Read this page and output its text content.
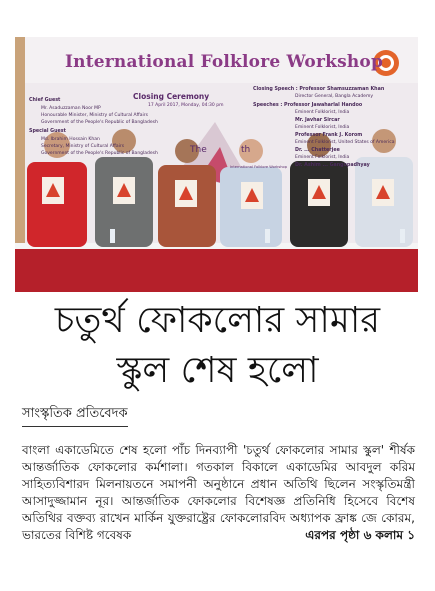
International Folklore Workshop
Closing Ceremony
17 April 2017, Monday, 04:30 pm
Closing Speech : Professor Shamsuzzaman Khan
Director General, Bangla Academy
Speeches : Professor Jawaharlal Handoo
Eminent Folklorist, India
Mr. Javhar Sircar
Eminent Folklorist, India
Professor Frank J. Korom
Eminent Folklorist, United States of America
Dr. ... Chatterjee
Eminent Folklorist, India
Dr. Ashim ... Gangopadhyay
Chief Guest
Mr. Asaduzzaman Noor MP
Honourable Minister, Ministry of Cultural Affairs
Government of the People's Republic of Bangladesh
Special Guest
Md. Ibrahim Hossain Khan
Secretary, Ministry of Cultural Affairs
Government of the People's Republic of Bangladesh	The	th
International Folklore Workshop
চতুর্থ ফোকলোর সামার
স্কুল শেষ হলো
সাংস্কৃতিক প্রতিবেদক
বাংলা একাডেমিতে শেষ হলো পাঁচ দিনব্যাপী 'চতুর্থ ফোকলোর সামার স্কুল' শীর্ষক আন্তর্জাতিক ফোকলোর কর্মশালা। গতকাল বিকালে একাডেমির আবদুল করিম সাহিত্যবিশারদ মিলনায়তনে সমাপনী অনুষ্ঠানে প্রধান অতিথি ছিলেন সংস্কৃতিমন্ত্রী আসাদুজ্জামান নূর। আন্তর্জাতিক ফোকলোর বিশেষজ্ঞ প্রতিনিধি হিসেবে বিশেষ অতিথির বক্তব্য রাখেন মার্কিন যুক্তরাষ্ট্রের ফোকলোরবিদ অধ্যাপক ফ্রাঙ্ক জে কোরম, ভারতের বিশিষ্ট গবেষক	এরপর পৃষ্ঠা ৬ কলাম ১
